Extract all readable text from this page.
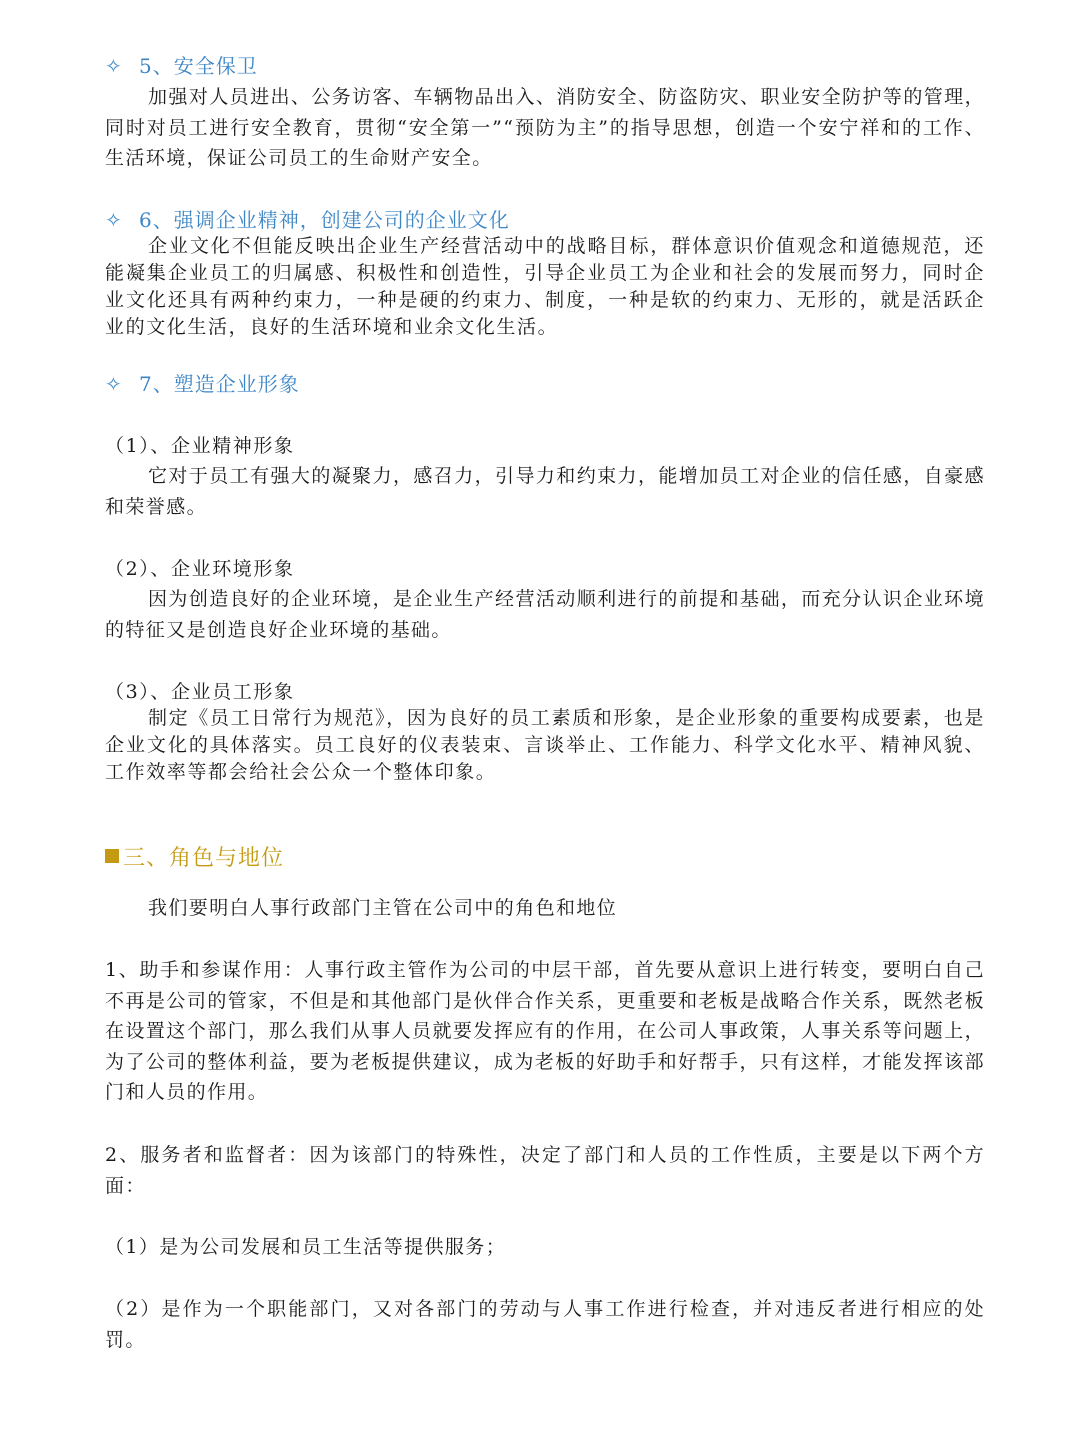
✧ 5、安全保卫

加强对人员进出、公务访客、车辆物品出入、消防安全、防盗防灾、职业安全防护等的管理，同时对员工进行安全教育，贯彻“安全第一”“预防为主”的指导思想，创造一个安宁祥和的工作、生活环境，保证公司员工的生命财产安全。

✧ 6、强调企业精神，创建公司的企业文化

企业文化不但能反映出企业生产经营活动中的战略目标，群体意识价值观念和道德规范，还能凝集企业员工的归属感、积极性和创造性，引导企业员工为企业和社会的发展而努力，同时企业文化还具有两种约束力，一种是硬的约束力、制度，一种是软的约束力、无形的，就是活跃企业的文化生活，良好的生活环境和业余文化生活。

✧ 7、塑造企业形象
（1）、企业精神形象

它对于员工有强大的凝聚力，感召力，引导力和约束力，能增加员工对企业的信任感，自豪感和荣誉感。

（2）、企业环境形象

因为创造良好的企业环境，是企业生产经营活动顺利进行的前提和基础，而充分认识企业环境的特征又是创造良好企业环境的基础。

（3）、企业员工形象

制定《员工日常行为规范》，因为良好的员工素质和形象，是企业形象的重要构成要素，也是企业文化的具体落实。员工良好的仪表装束、言谈举止、工作能力、科学文化水平、精神风貌、工作效率等都会给社会公众一个整体印象。

三、角色与地位

我们要明白人事行政部门主管在公司中的角色和地位

1、助手和参谋作用：人事行政主管作为公司的中层干部，首先要从意识上进行转变，要明白自己不再是公司的管家，不但是和其他部门是伙伴合作关系，更重要和老板是战略合作关系，既然老板在设置这个部门，那么我们从事人员就要发挥应有的作用，在公司人事政策，人事关系等问题上，为了公司的整体利益，要为老板提供建议，成为老板的好助手和好帮手，只有这样，才能发挥该部门和人员的作用。

2、服务者和监督者：因为该部门的特殊性，决定了部门和人员的工作性质，主要是以下两个方面：

（1）是为公司发展和员工生活等提供服务；

（2）是作为一个职能部门，又对各部门的劳动与人事工作进行检查，并对违反者进行相应的处罚。
